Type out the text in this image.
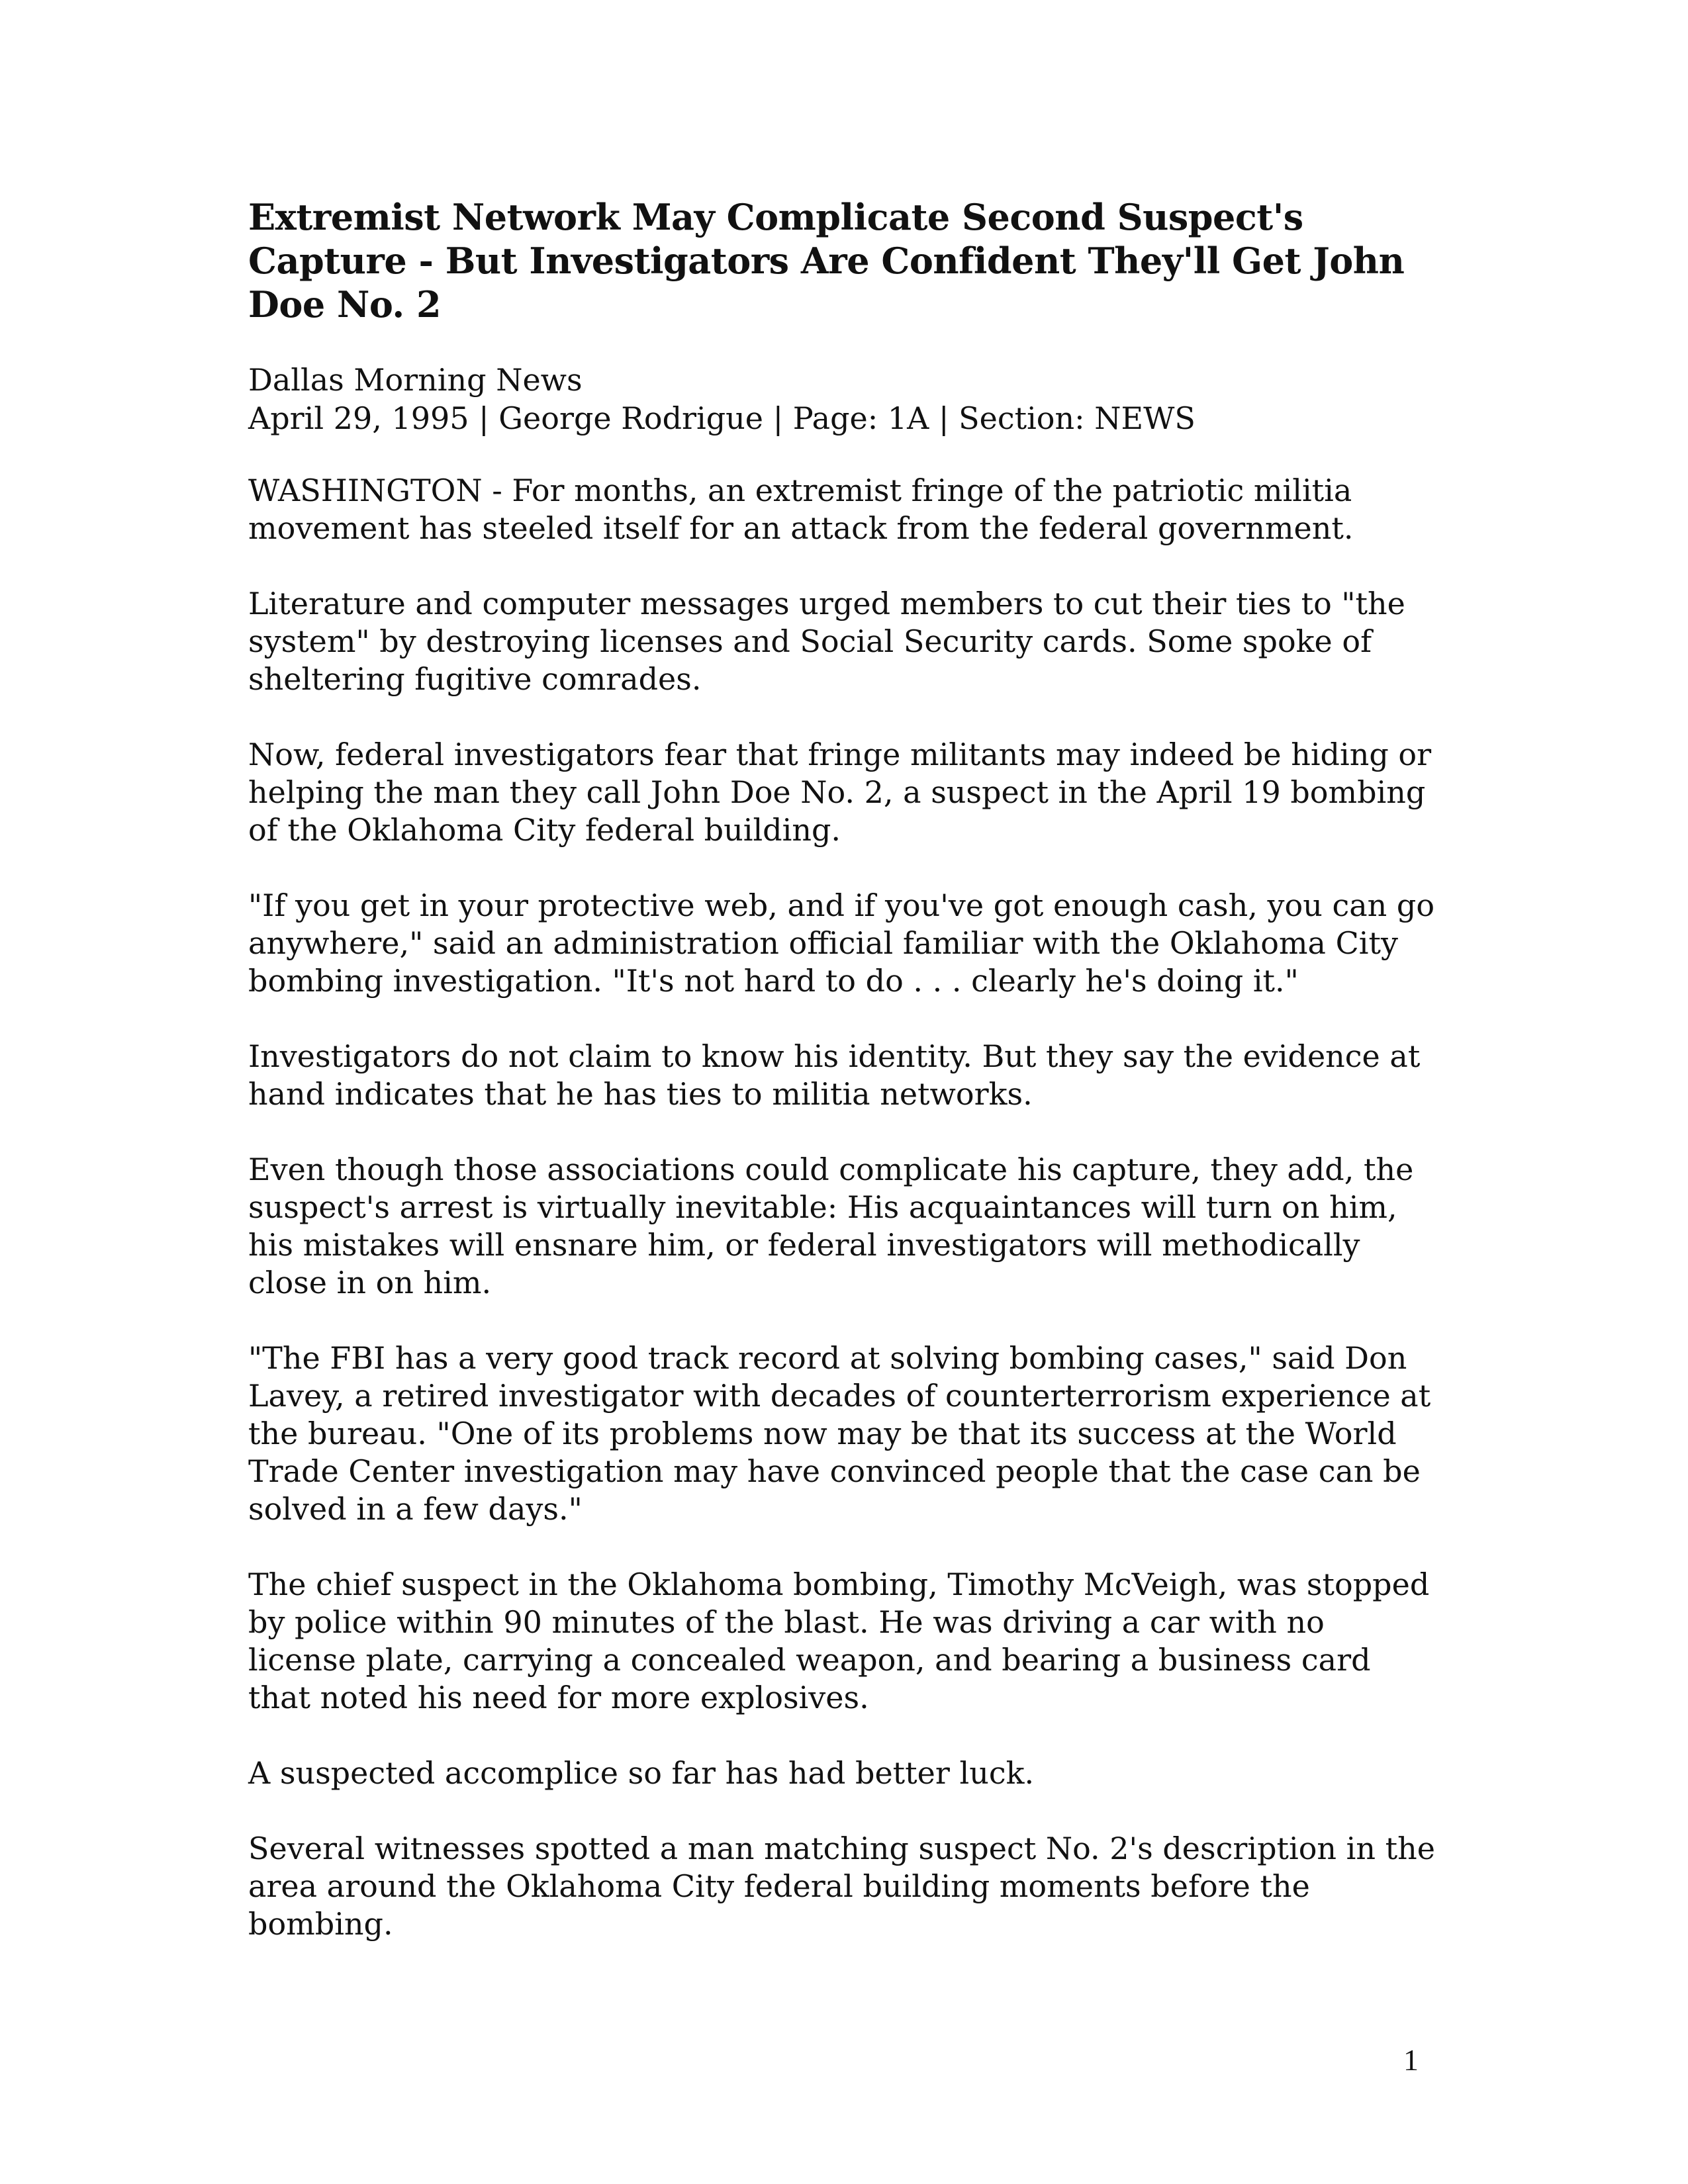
Extremist Network May Complicate Second Suspect's Capture - But Investigators Are Confident They'll Get John Doe No. 2

Dallas Morning News

April 29, 1995 | George Rodrigue | Page: 1A | Section: NEWS

WASHINGTON - For months, an extremist fringe of the patriotic militia movement has steeled itself for an attack from the federal government.

Literature and computer messages urged members to cut their ties to "the system" by destroying licenses and Social Security cards. Some spoke of sheltering fugitive comrades.

Now, federal investigators fear that fringe militants may indeed be hiding or helping the man they call John Doe No. 2, a suspect in the April 19 bombing of the Oklahoma City federal building.

"If you get in your protective web, and if you've got enough cash, you can go anywhere," said an administration official familiar with the Oklahoma City bombing investigation. "It's not hard to do . . . clearly he's doing it."

Investigators do not claim to know his identity. But they say the evidence at hand indicates that he has ties to militia networks.

Even though those associations could complicate his capture, they add, the suspect's arrest is virtually inevitable: His acquaintances will turn on him, his mistakes will ensnare him, or federal investigators will methodically close in on him.

"The FBI has a very good track record at solving bombing cases," said Don Lavey, a retired investigator with decades of counterterrorism experience at the bureau. "One of its problems now may be that its success at the World Trade Center investigation may have convinced people that the case can be solved in a few days."

The chief suspect in the Oklahoma bombing, Timothy McVeigh, was stopped by police within 90 minutes of the blast. He was driving a car with no license plate, carrying a concealed weapon, and bearing a business card that noted his need for more explosives.

A suspected accomplice so far has had better luck.

Several witnesses spotted a man matching suspect No. 2's description in the area around the Oklahoma City federal building moments before the bombing.

1
